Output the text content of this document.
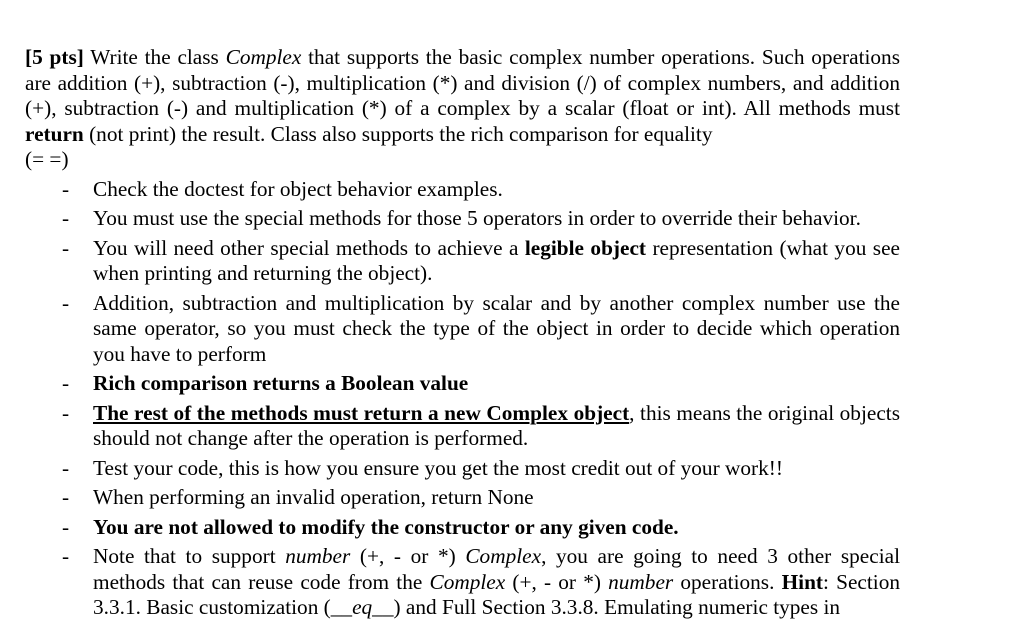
[5 pts] Write the class Complex that supports the basic complex number operations. Such operations are addition (+), subtraction (-), multiplication (*) and division (/) of complex numbers, and addition (+), subtraction (-) and multiplication (*) of a complex by a scalar (float or int). All methods must return (not print) the result. Class also supports the rich comparison for equality
(= =)
- Check the doctest for object behavior examples.
- You must use the special methods for those 5 operators in order to override their behavior.
- You will need other special methods to achieve a legible object representation (what you see when printing and returning the object).
- Addition, subtraction and multiplication by scalar and by another complex number use the same operator, so you must check the type of the object in order to decide which operation you have to perform
- Rich comparison returns a Boolean value
- The rest of the methods must return a new Complex object, this means the original objects should not change after the operation is performed.
- Test your code, this is how you ensure you get the most credit out of your work!!
- When performing an invalid operation, return None
- You are not allowed to modify the constructor or any given code.
- Note that to support number (+, - or *) Complex, you are going to need 3 other special methods that can reuse code from the Complex (+, - or *) number operations. Hint: Section 3.3.1. Basic customization (__eq__) and Full Section 3.3.8. Emulating numeric types in
